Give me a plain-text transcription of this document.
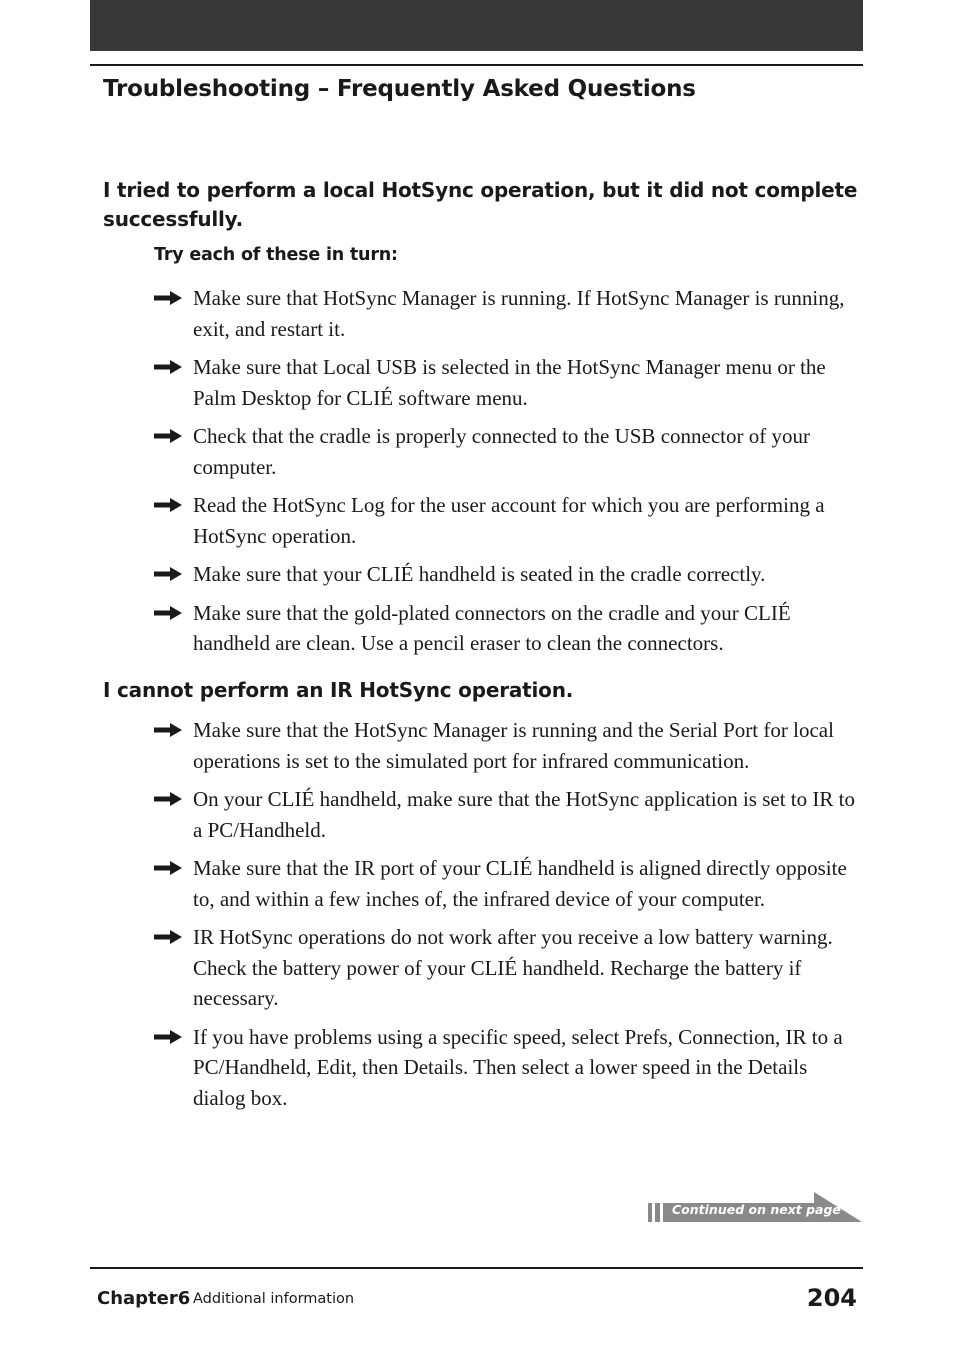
Troubleshooting – Frequently Asked Questions
I tried to perform a local HotSync operation, but it did not complete successfully.

Try each of these in turn:

Make sure that HotSync Manager is running. If HotSync Manager is running, exit, and restart it.
Make sure that Local USB is selected in the HotSync Manager menu or the Palm Desktop for CLIÉ software menu.
Check that the cradle is properly connected to the USB connector of your computer.
Read the HotSync Log for the user account for which you are performing a HotSync operation.
Make sure that your CLIÉ handheld is seated in the cradle correctly.
Make sure that the gold-plated connectors on the cradle and your CLIÉ handheld are clean. Use a pencil eraser to clean the connectors.
I cannot perform an IR HotSync operation.
Make sure that the HotSync Manager is running and the Serial Port for local operations is set to the simulated port for infrared communication.
On your CLIÉ handheld, make sure that the HotSync application is set to IR to a PC/Handheld.
Make sure that the IR port of your CLIÉ handheld is aligned directly opposite to, and within a few inches of, the infrared device of your computer.
IR HotSync operations do not work after you receive a low battery warning. Check the battery power of your CLIÉ handheld. Recharge the battery if necessary.
If you have problems using a specific speed, select Prefs, Connection, IR to a PC/Handheld, Edit, then Details. Then select a lower speed in the Details dialog box.
Continued on next page
Chapter6 Additional information	204
